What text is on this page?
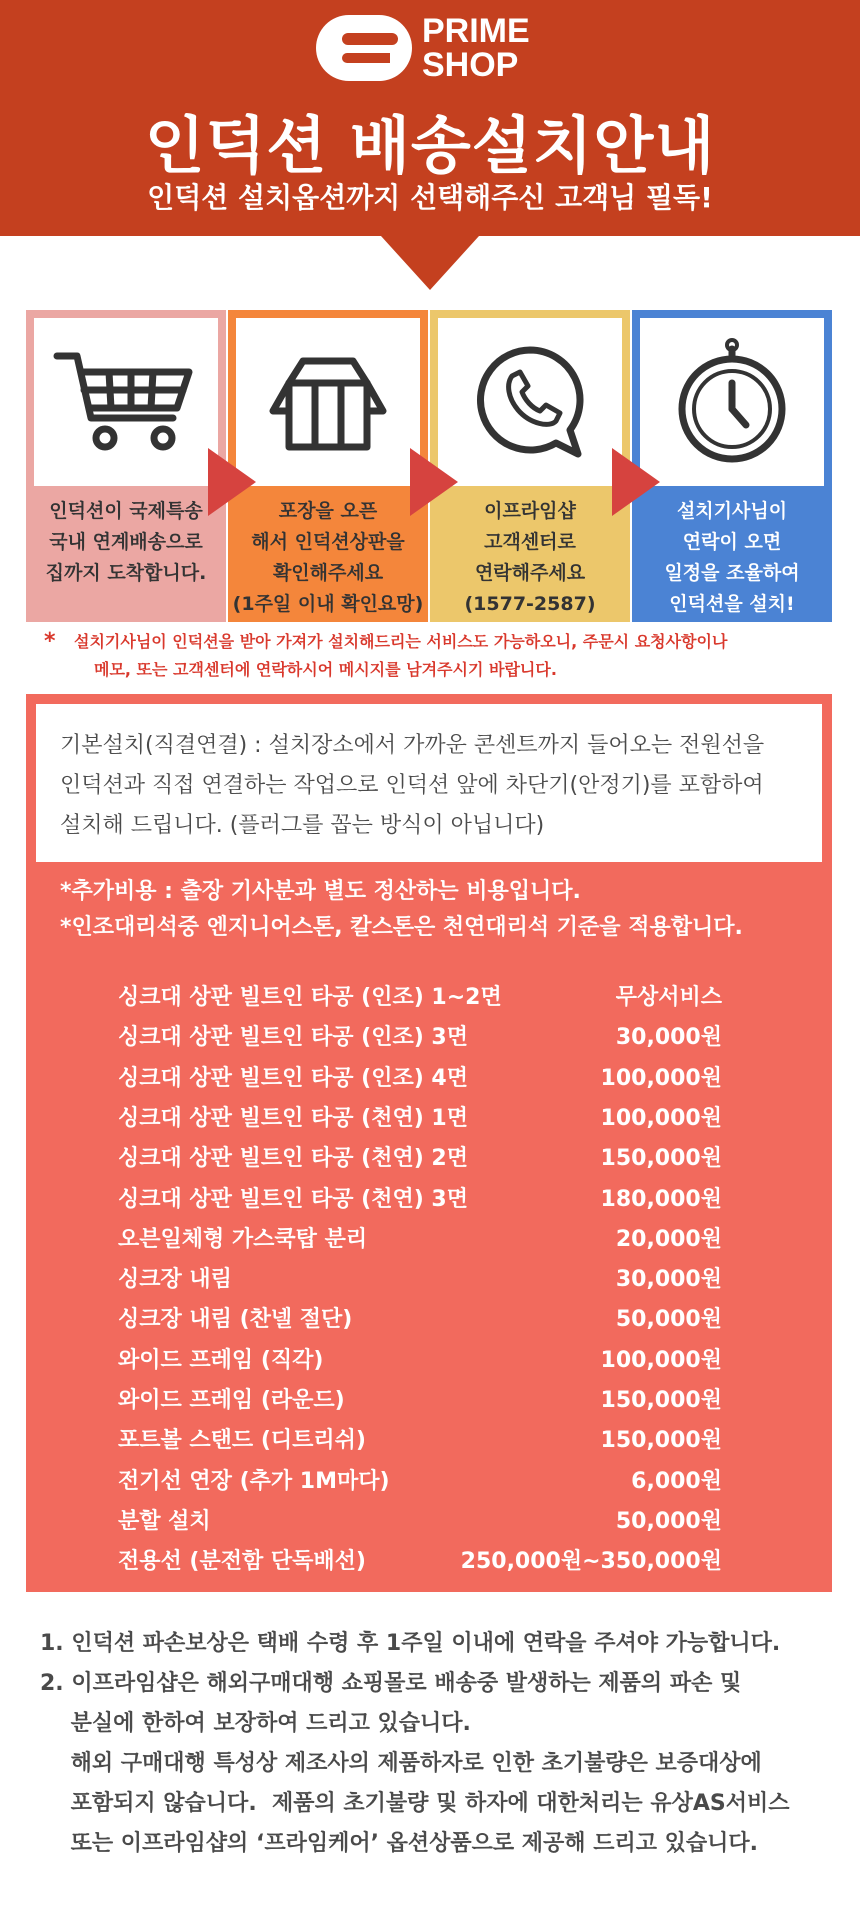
PRIME
SHOP
인덕션 배송설치안내
인덕션 설치옵션까지 선택해주신 고객님 필독!
인덕션이 국제특송
국내 연계배송으로
집까지 도착합니다.
포장을 오픈
해서 인덕션상판을
확인해주세요
(1주일 이내 확인요망)
이프라임샵
고객센터로
연락해주세요
(1577-2587)
설치기사님이
연락이 오면
일정을 조율하여
인덕션을 설치!
* 설치기사님이 인덕션을 받아 가져가 설치해드리는 서비스도 가능하오니, 주문시 요청사항이나
메모, 또는 고객센터에 연락하시어 메시지를 남겨주시기 바랍니다.
기본설치(직결연결) : 설치장소에서 가까운 콘센트까지 들어오는 전원선을
인덕션과 직접 연결하는 작업으로 인덕션 앞에 차단기(안정기)를 포함하여
설치해 드립니다. (플러그를 꼽는 방식이 아닙니다)
*추가비용 : 출장 기사분과 별도 정산하는 비용입니다.
*인조대리석중 엔지니어스톤, 칼스톤은 천연대리석 기준을 적용합니다.
싱크대 상판 빌트인 타공 (인조) 1~2면	무상서비스
싱크대 상판 빌트인 타공 (인조) 3면	30,000원
싱크대 상판 빌트인 타공 (인조) 4면	100,000원
싱크대 상판 빌트인 타공 (천연) 1면	100,000원
싱크대 상판 빌트인 타공 (천연) 2면	150,000원
싱크대 상판 빌트인 타공 (천연) 3면	180,000원
오븐일체형 가스쿡탑 분리	20,000원
싱크장 내림	30,000원
싱크장 내림 (찬넬 절단)	50,000원
와이드 프레임 (직각)	100,000원
와이드 프레임 (라운드)	150,000원
포트볼 스탠드 (디트리쉬)	150,000원
전기선 연장 (추가 1M마다)	6,000원
분할 설치	50,000원
전용선 (분전함 단독배선)	250,000원~350,000원
1. 인덕션 파손보상은 택배 수령 후 1주일 이내에 연락을 주셔야 가능합니다.
2. 이프라임샵은 해외구매대행 쇼핑몰로 배송중 발생하는 제품의 파손 및
분실에 한하여 보장하여 드리고 있습니다.
해외 구매대행 특성상 제조사의 제품하자로 인한 초기불량은 보증대상에
포함되지 않습니다.  제품의 초기불량 및 하자에 대한처리는 유상AS서비스
또는 이프라임샵의 ‘프라임케어’ 옵션상품으로 제공해 드리고 있습니다.
